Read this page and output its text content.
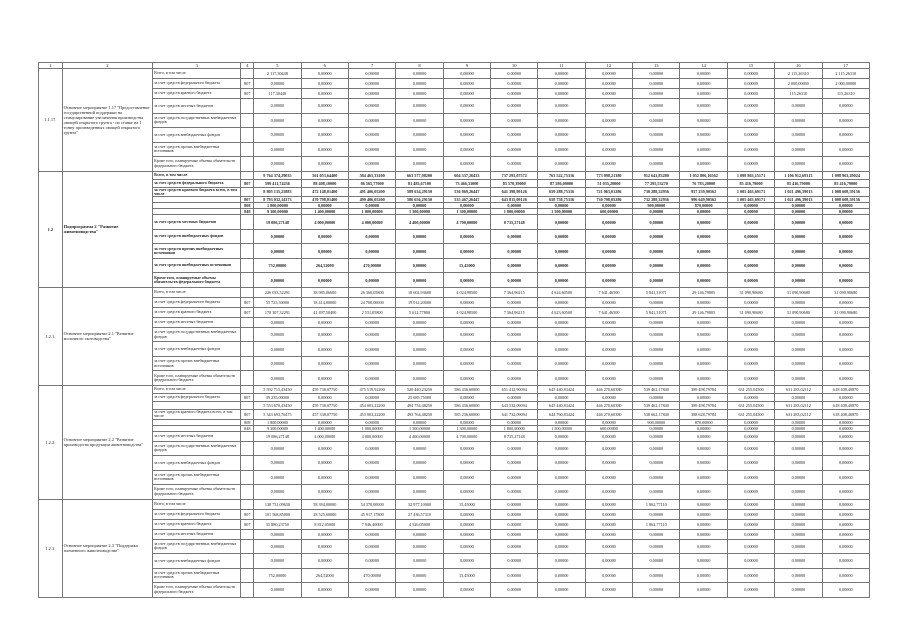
1	2	3	4	5	6	7	8	9	10	11	12	13	14	15	16	17
1.1.17.	Основное мероприятие 1.17 "Предоставление государственной поддержки на стимулирование увеличения производства овощей открытого грунта - по ставке на 1 тонну произведенных овощей открытого грунта"	Всего, в том числе		2 117,30448	0,00000	0,00000	0,00000	0,00000	0,00000	0,00000	0,00000	0,00000	0,00000	0,00000	2 115,26310	2 115,26310
		за счет средств федерального бюджета	807	0,00000	0,00000	0,00000	0,00000	0,00000	0,00000	0,00000	0,00000	0,00000	0,00000	0,00000	2 000,00000	2 000,00000
		за счет средств краевого бюджета	807	117,30448	0,00000	0,00000	0,00000	0,00000	0,00000	0,00000	0,00000	0,00000	0,00000	0,00000	115,26310	115,26310
		за счет средств местных бюджетов		0,00000	0,00000	0,00000	0,00000	0,00000	0,00000	0,00000	0,00000	0,00000	0,00000	0,00000	0,00000	0,00000
		за счет средств государственных внебюджетных фондов		0,00000	0,00000	0,00000	0,00000	0,00000	0,00000	0,00000	0,00000	0,00000	0,00000	0,00000	0,00000	0,00000
		за счет средств внебюджетных фондов		0,00000	0,00000	0,00000	0,00000	0,00000	0,00000	0,00000	0,00000	0,00000	0,00000	0,00000	0,00000	0,00000
		за счет средств прочих внебюджетных источников		0,00000	0,00000	0,00000	0,00000	0,00000	0,00000	0,00000	0,00000	0,00000	0,00000	0,00000	0,00000	0,00000
		Кроме того, планируемые объемы обязательств федерального бюджета		0,00000	0,00000	0,00000	0,00000	0,00000	0,00000	0,00000	0,00000	0,00000	0,00000	0,00000	0,00000	0,00000
1.2	Подпрограмма 2 "Развитие животноводства"	Всего, в том числе		9 764 374,29035	561 053,64400	584 465,33100	663 577,98200	604 337,26433	737 293,07572	763 522,75316	773 098,21380	912 643,83280	1 052 806,16562	1 098 863,15171	1 106 912,69313	1 098 963,29024
		за счет средств федерального бюджета	807	599 411,74236	88 408,10000	86 565,77000	81 483,67100	73 466,33000	83 570,39000	87 586,00000	51 035,20000	77 295,53270	76 783,20000	85 416,79000	85 416,79000	85 416,79000
		за счет средств краевого бюджета всего, в том числе		8 805 135,25883	472 148,01400	491 406,05200	589 634,29150	536 869,26447	641 398,99126	659 288,75316	721 063,01286	730 288,32936	957 239,90562	1 005 463,69171	1 021 496,39013	1 008 608,59156
			807	8 793 032,14373	470 798,01400	490 406,05200	586 656,29150	535 467,26447	643 815,09126	658 758,75316	730 708,05286	732 288,32936	996 649,90562	1 005 463,69171	1 021 496,39013	1 008 608,59156
			808	1 800,00000	0,00000	0,00000	0,00000	0,00000	0,00000	0,00000	0,00000	900,00000	870,00000	0,00000	0,00000	0,00000
			848	9 300,00000	1 400,00000	1 000,00000	1 300,00000	1 300,00000	1 800,00000	1 500,00000	600,00000	0,00000	0,00000	0,00000	0,00000	0,00000
		за счет средств местных бюджетов		19 086,27148	4 000,00000	4 000,00000	4 400,00000	4 700,00000	8 735,27148	0,00000	0,00000	0,00000	0,00000	0,00000	0,00000	0,00000
		за счет средств внебюджетных фондов		0,00000	0,00000	0,00000	0,00000	0,00000	0,00000	0,00000	0,00000	0,00000	0,00000	0,00000	0,00000	0,00000
		за счет средств прочих внебюджетных источников		0,00000	0,00000	0,00000	0,00000	0,00000	0,00000	0,00000	0,00000	0,00000	0,00000	0,00000	0,00000	0,00000
		за счет средств внебюджетных источников		752,00000	264,52000	470,00000	0,00000	15,45000	0,00000	0,00000	0,00000	0,00000	0,00000	0,00000	0,00000	0,00000
		Кроме того, планируемые объемы обязательств федерального бюджета		0,00000	0,00000	0,00000	0,00000	0,00000	0,00000	0,00000	0,00000	0,00000	0,00000	0,00000	0,00000	0,00000
1.2.1.	Основное мероприятие 2.1 "Развитие молочного скотоводства"	Всего, в том числе		226 033,52291	38 985,06600	26 360,05800	18 602,93600	4 024,98500	7 364,96215	4 624,60500	7 641,46500	5 841,31071	29 146,79805	31 090,90680	31 090,90680	31 090,90680
		за счет средств федерального бюджета	807	55 725,50000	18 414,00000	24 700,00000	19 012,20000	0,00000	0,00000	0,00000	0,00000	0,00000	0,00000	0,00000	0,00000	0,00000
		за счет средств краевого бюджета	807	170 307,32291	41 497,50400	2 531,05800	5 612,77800	4 024,98500	7 364,96215	4 623,60500	7 641,46500	5 841,31071	29 146,79805	31 090,90680	31 090,90680	31 090,90680
		за счет средств местных бюджетов		0,00000	0,00000	0,00000	0,00000	0,00000	0,00000	0,00000	0,00000	0,00000	0,00000	0,00000	0,00000	0,00000
		за счет средств государственных внебюджетных фондов		0,00000	0,00000	0,00000	0,00000	0,00000	0,00000	0,00000	0,00000	0,00000	0,00000	0,00000	0,00000	0,00000
		за счет средств внебюджетных фондов		0,00000	0,00000	0,00000	0,00000	0,00000	0,00000	0,00000	0,00000	0,00000	0,00000	0,00000	0,00000	0,00000
		за счет средств прочих внебюджетных источников		0,00000	0,00000	0,00000	0,00000	0,00000	0,00000	0,00000	0,00000	0,00000	0,00000	0,00000	0,00000	0,00000
		Кроме того, планируемые объемы обязательств федерального бюджета		0,00000	0,00000	0,00000	0,00000	0,00000	0,00000	0,00000	0,00000	0,00000	0,00000	0,00000	0,00000	0,00000
1.2.2.	Основное мероприятие 2.2 "Развитие производства продукции животноводства"	Всего, в том числе		5 592 715,43450	459 738,07750	475 519,92200	520 440,23250	586 436,60000	651 412,90094	645 440,83424	446 270,60380	539 462,17840	389 498,79784	631 255,04500	631 283,02112	618 408,40870
		за счет средств федерального бюджета	807	39 235,00000	0,00000	0,00000	25 685,75000	0,00000	0,00000	0,00000	0,00000	0,00000	0,00000	0,00000	0,00000	0,00000
				5 553 670,43450	459 738,07750	454 003,22200	494 754,48250	586 436,60000	643 532,09094	645 440,83424	446 270,60380	539 462,17840	389 498,79784	631 255,04500	631 283,02112	618 408,40870
		за счет средств краевого бюджета всего, в том числе	807	5 343 693,76475	457 338,07750	453 003,22200	493 764,48250	585 236,60000	641 732,09094	644 760,83424	446 270,60380	538 662,17840	388 628,79784	631 255,04500	631 283,02112	618 408,40870
			808	1 800,00000	0,00000	0,00000	0,00000	0,00000	0,00000	0,00000	0,00000	900,00000	870,00000	0,00000	0,00000	0,00000
			848	9 300,00000	1 400,00000	1 000,00000	1 300,00000	1 300,00000	1 800,00000	1 500,00000	600,00000	0,00000	0,00000	0,00000	0,00000	0,00000
		за счет средств местных бюджетов		19 086,27148	4 000,00000	4 000,00000	4 400,00000	4 700,00000	8 735,27148	0,00000	0,00000	0,00000	0,00000	0,00000	0,00000	0,00000
		за счет средств государственных внебюджетных фондов		0,00000	0,00000	0,00000	0,00000	0,00000	0,00000	0,00000	0,00000	0,00000	0,00000	0,00000	0,00000	0,00000
		за счет средств внебюджетных фондов		0,00000	0,00000	0,00000	0,00000	0,00000	0,00000	0,00000	0,00000	0,00000	0,00000	0,00000	0,00000	0,00000
		за счет средств прочих внебюджетных источников		0,00000	0,00000	0,00000	0,00000	0,00000	0,00000	0,00000	0,00000	0,00000	0,00000	0,00000	0,00000	0,00000
		Кроме того, планируемые объемы обязательств федерального бюджета		0,00000	0,00000	0,00000	0,00000	0,00000	0,00000	0,00000	0,00000	0,00000	0,00000	0,00000	0,00000	0,00000
1.2.3.	Основное мероприятие 2.3 "Поддержка племенного животноводства"	Всего, в том числе		138 731,09630	58 394,00000	54 370,00000	32 977,10000	15,45000	0,00000	0,00000	0,00000	1 862,77110	0,00000	0,00000	0,00000	0,00000
		за счет средств федерального бюджета	807	101 568,85000	28 525,60000	45 917,17800	27 436,57310	0,00000	0,00000	0,00000	0,00000	0,00000	0,00000	0,00000	0,00000	0,00000
		за счет средств краевого бюджета	807	35 880,23750	8 812,05000	7 946,40000	4 526,05000	0,00000	0,00000	0,00000	0,00000	1 862,77110	0,00000	0,00000	0,00000	0,00000
		за счет средств местных бюджетов		0,00000	0,00000	0,00000	0,00000	0,00000	0,00000	0,00000	0,00000	0,00000	0,00000	0,00000	0,00000	0,00000
		за счет средств государственных внебюджетных фондов		0,00000	0,00000	0,00000	0,00000	0,00000	0,00000	0,00000	0,00000	0,00000	0,00000	0,00000	0,00000	0,00000
		за счет средств внебюджетных фондов		0,00000	0,00000	0,00000	0,00000	0,00000	0,00000	0,00000	0,00000	0,00000	0,00000	0,00000	0,00000	0,00000
		за счет средств прочих внебюджетных источников		752,00000	264,52000	470,00000	0,00000	15,45000	0,00000	0,00000	0,00000	0,00000	0,00000	0,00000	0,00000	0,00000
		Кроме того, планируемые объемы обязательств федерального бюджета		0,00000	0,00000	0,00000	0,00000	0,00000	0,00000	0,00000	0,00000	0,00000	0,00000	0,00000	0,00000	0,00000
